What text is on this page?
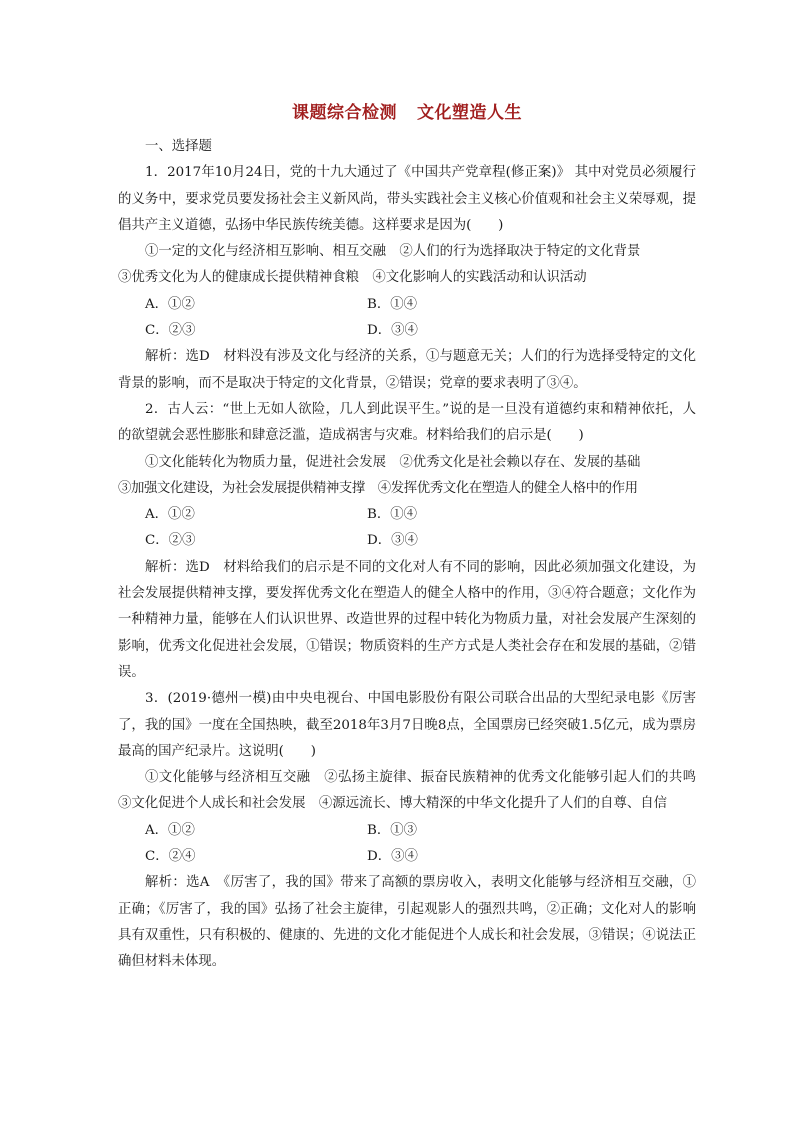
课题综合检测 文化塑造人生

一、选择题

1．2017年10月24日，党的十九大通过了《中国共产党章程(修正案)》 其中对党员必须履行的义务中，要求党员要发扬社会主义新风尚，带头实践社会主义核心价值观和社会主义荣辱观，提倡共产主义道德，弘扬中华民族传统美德。这样要求是因为(　　)

①一定的文化与经济相互影响、相互交融　②人们的行为选择取决于特定的文化背景

③优秀文化为人的健康成长提供精神食粮　④文化影响人的实践活动和认识活动

A．①②	B．①④
C．②③	D．③④

解析：选D　材料没有涉及文化与经济的关系，①与题意无关；人们的行为选择受特定的文化背景的影响，而不是取决于特定的文化背景，②错误；党章的要求表明了③④。

2．古人云：“世上无如人欲险，几人到此误平生。”说的是一旦没有道德约束和精神依托，人的欲望就会恶性膨胀和肆意泛滥，造成祸害与灾难。材料给我们的启示是(　　)

①文化能转化为物质力量，促进社会发展　②优秀文化是社会赖以存在、发展的基础

③加强文化建设，为社会发展提供精神支撑　④发挥优秀文化在塑造人的健全人格中的作用

A．①②	B．①④
C．②③	D．③④

解析：选D　材料给我们的启示是不同的文化对人有不同的影响，因此必须加强文化建设，为社会发展提供精神支撑，要发挥优秀文化在塑造人的健全人格中的作用，③④符合题意；文化作为一种精神力量，能够在人们认识世界、改造世界的过程中转化为物质力量，对社会发展产生深刻的影响，优秀文化促进社会发展，①错误；物质资料的生产方式是人类社会存在和发展的基础，②错误。

3．(2019·德州一模)由中央电视台、中国电影股份有限公司联合出品的大型纪录电影《厉害了，我的国》一度在全国热映，截至2018年3月7日晚8点，全国票房已经突破1.5亿元，成为票房最高的国产纪录片。这说明(　　)

①文化能够与经济相互交融　②弘扬主旋律、振奋民族精神的优秀文化能够引起人们的共鸣　③文化促进个人成长和社会发展　④源远流长、博大精深的中华文化提升了人们的自尊、自信

A．①②	B．①③
C．②④	D．③④

解析：选A　《厉害了，我的国》带来了高额的票房收入，表明文化能够与经济相互交融，①正确；《厉害了，我的国》弘扬了社会主旋律，引起观影人的强烈共鸣，②正确；文化对人的影响具有双重性，只有积极的、健康的、先进的文化才能促进个人成长和社会发展，③错误；④说法正确但材料未体现。
